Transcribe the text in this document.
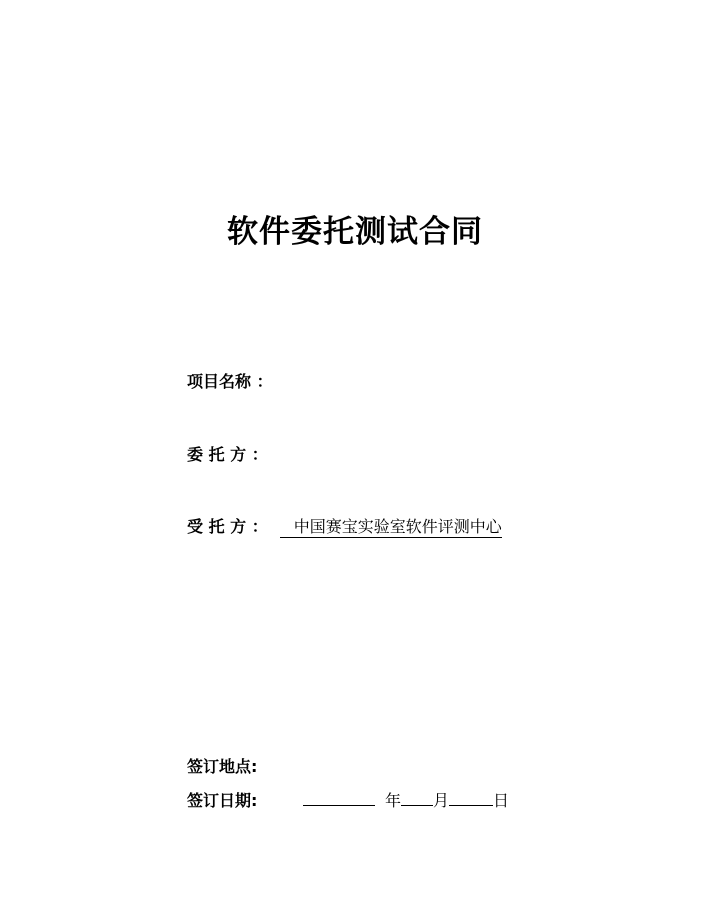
软件委托测试合同
项目名称 ：
委 托 方 ：
受 托 方 ： 中国赛宝实验室软件评测中心
签订地点:
签订日期:	年 月	日
